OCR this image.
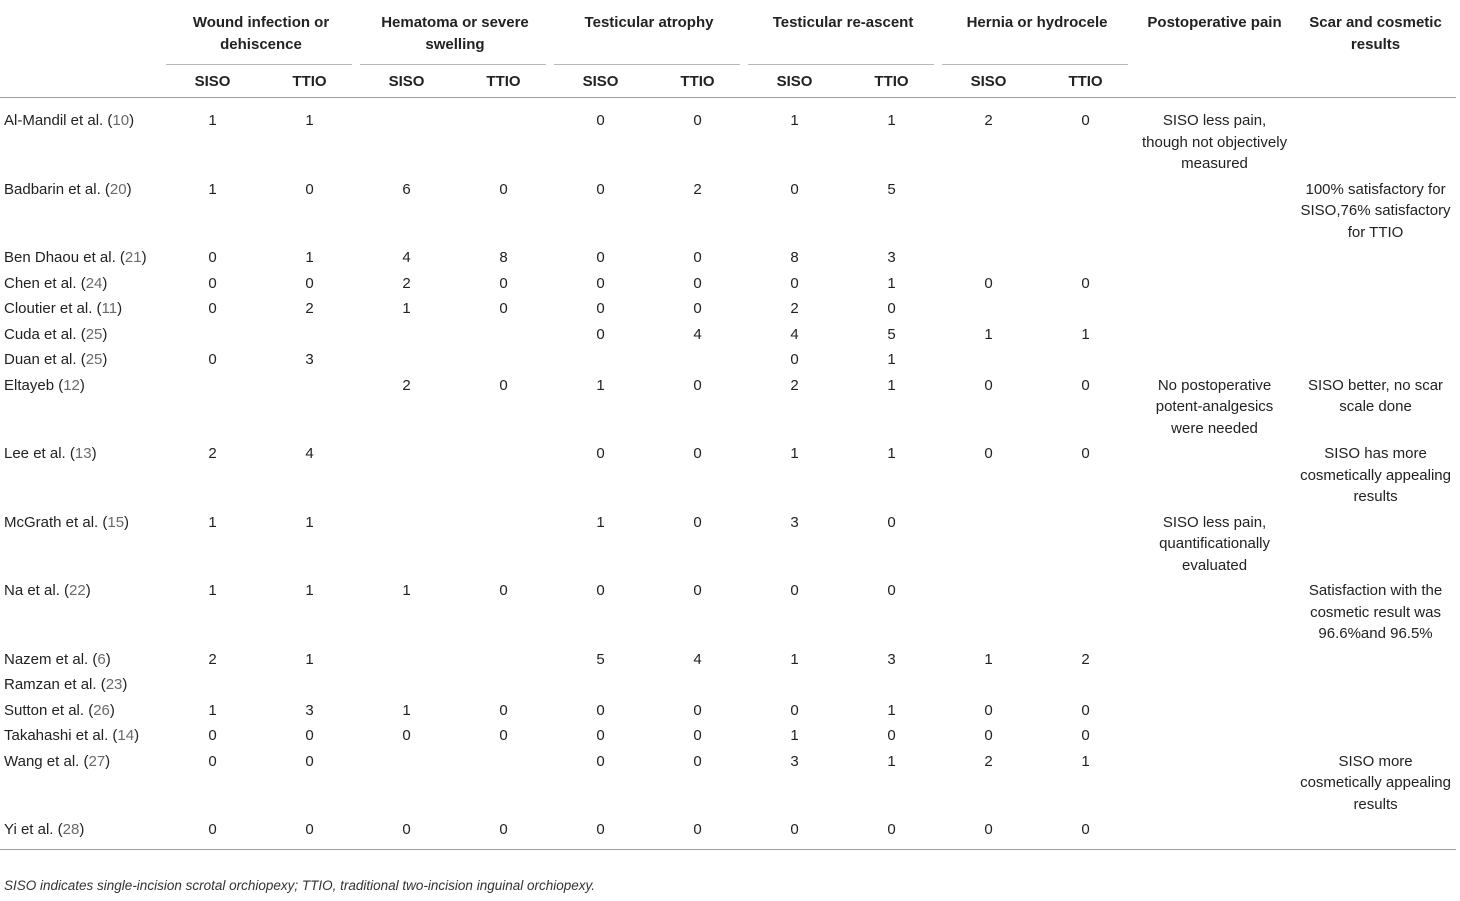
	Wound infection or dehiscence		Hematoma or severe swelling		Testicular atrophy		Testicular re-ascent		Hernia or hydrocele		Postoperative pain	Scar and cosmetic results
	SISO	TTIO	SISO	TTIO	SISO	TTIO	SISO	TTIO	SISO	TTIO		
Al-Mandil et al. (10)	1	1			0	0	1	1	2	0	SISO less pain, though not objectively measured	
Badbarin et al. (20)	1	0	6	0	0	2	0	5				100% satisfactory for SISO,76% satisfactory for TTIO
Ben Dhaou et al. (21)	0	1	4	8	0	0	8	3				
Chen et al. (24)	0	0	2	0	0	0	0	1	0	0		
Cloutier et al. (11)	0	2	1	0	0	0	2	0				
Cuda et al. (25)					0	4	4	5	1	1		
Duan et al. (25)	0	3					0	1				
Eltayeb (12)			2	0	1	0	2	1	0	0	No postoperative potent-analgesics were needed	SISO better, no scar scale done
Lee et al. (13)	2	4			0	0	1	1	0	0		SISO has more cosmetically appealing results
McGrath et al. (15)	1	1			1	0	3	0			SISO less pain, quantificationally evaluated	
Na et al. (22)	1	1	1	0	0	0	0	0				Satisfaction with the cosmetic result was 96.6%and 96.5%
Nazem et al. (6)	2	1			5	4	1	3	1	2		
Ramzan et al. (23)												
Sutton et al. (26)	1	3	1	0	0	0	0	1	0	0		
Takahashi et al. (14)	0	0	0	0	0	0	1	0	0	0		
Wang et al. (27)	0	0			0	0	3	1	2	1		SISO more cosmetically appealing results
Yi et al. (28)	0	0	0	0	0	0	0	0	0	0		
SISO indicates single-incision scrotal orchiopexy; TTIO, traditional two-incision inguinal orchiopexy.
